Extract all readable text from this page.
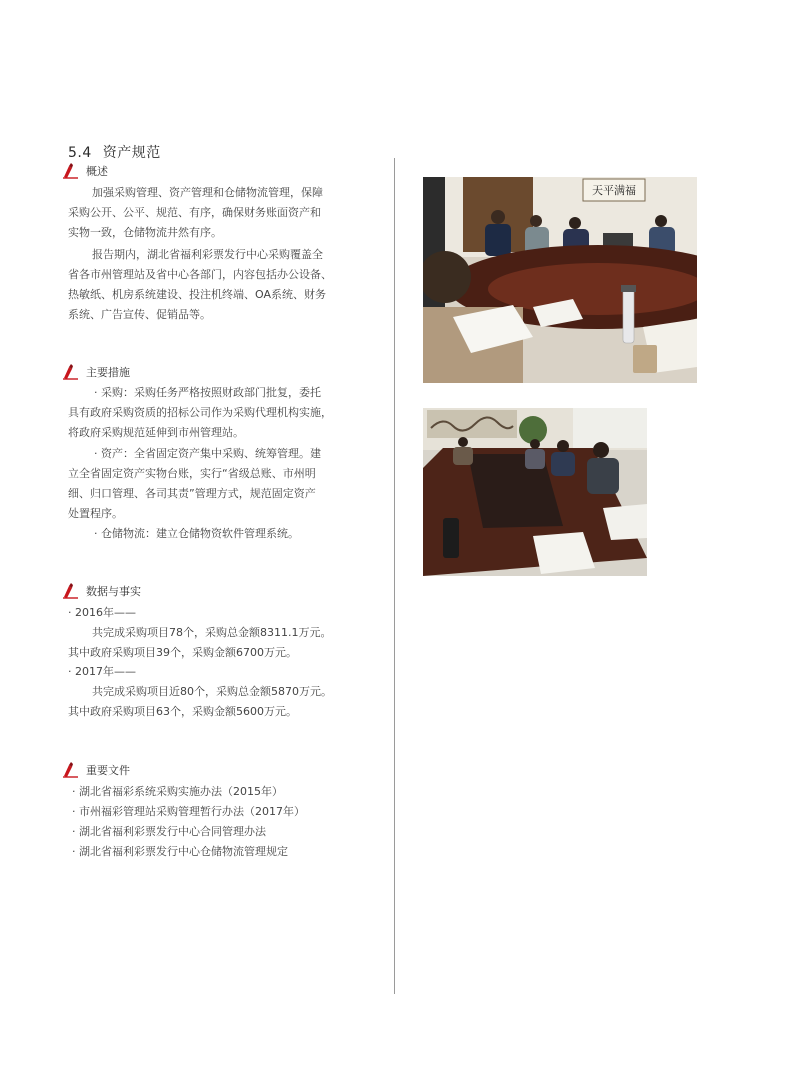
5.4 资产规范
概述
加强采购管理、资产管理和仓储物流管理，保障
采购公开、公平、规范、有序，确保财务账面资产和
实物一致，仓储物流井然有序。
报告期内，湖北省福利彩票发行中心采购覆盖全
省各市州管理站及省中心各部门，内容包括办公设备、
热敏纸、机房系统建设、投注机终端、OA系统、财务
系统、广告宣传、促销品等。
主要措施
· 采购：采购任务严格按照财政部门批复，委托
具有政府采购资质的招标公司作为采购代理机构实施，
将政府采购规范延伸到市州管理站。
· 资产：全省固定资产集中采购、统筹管理。建
立全省固定资产实物台账，实行“省级总账、市州明
细、归口管理、各司其责”管理方式，规范固定资产
处置程序。
· 仓储物流：建立仓储物资软件管理系统。
数据与事实
· 2016年——
共完成采购项目78个，采购总金额8311.1万元。
其中政府采购项目39个，采购金额6700万元。
· 2017年——
共完成采购项目近80个，采购总金额5870万元。
其中政府采购项目63个，采购金额5600万元。
重要文件
· 湖北省福彩系统采购实施办法（2015年）
· 市州福彩管理站采购管理暂行办法（2017年）
· 湖北省福利彩票发行中心合同管理办法
· 湖北省福利彩票发行中心仓储物流管理规定
天平满福
